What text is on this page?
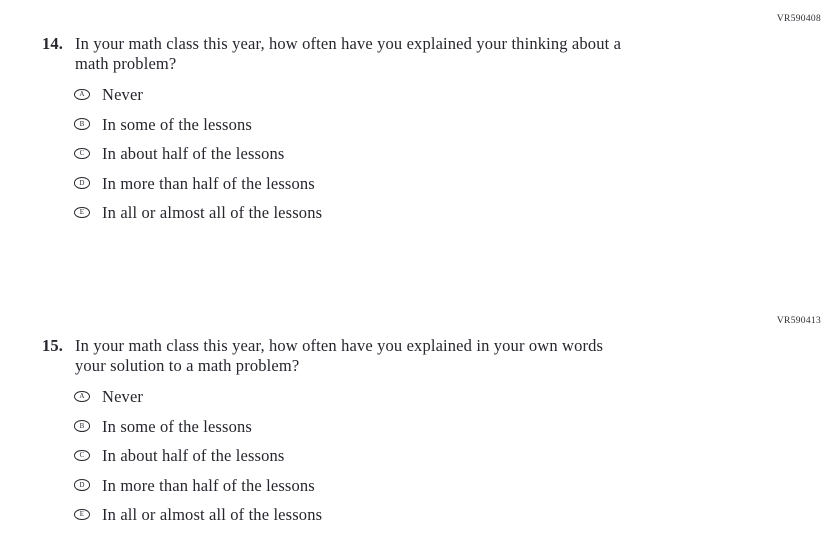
VR590408
14. In your math class this year, how often have you explained your thinking about a
math problem?
A Never
B In some of the lessons
C In about half of the lessons
D In more than half of the lessons
E In all or almost all of the lessons
VR590413
15. In your math class this year, how often have you explained in your own words
your solution to a math problem?
A Never
B In some of the lessons
C In about half of the lessons
D In more than half of the lessons
E In all or almost all of the lessons
